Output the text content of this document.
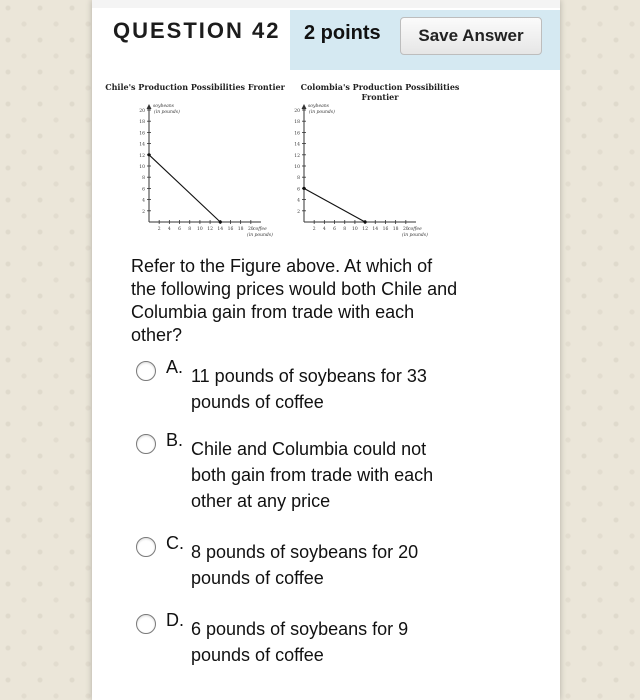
QUESTION 42 2 points	Save Answer
Chile's Production Possibilities Frontier
2
4
6
8
10
12
14
16
18
20
2 4 6 8 10 12 14 16 18 20
soybeans
(in pounds)
coffee
(in pounds)
Colombia's Production Possibilities
Frontier
2
4
6
8
10
12
14
16
18
20
2 4 6 8 10 12 14 16 18 20
soybeans
(in pounds)
coffee
(in pounds)
Refer to the Figure above. At which of the following prices would both Chile and Columbia gain from trade with each other?
A. 11 pounds of soybeans for 33 pounds of coffee
B. Chile and Columbia could not both gain from trade with each other at any price
C. 8 pounds of soybeans for 20 pounds of coffee
D. 6 pounds of soybeans for 9 pounds of coffee
